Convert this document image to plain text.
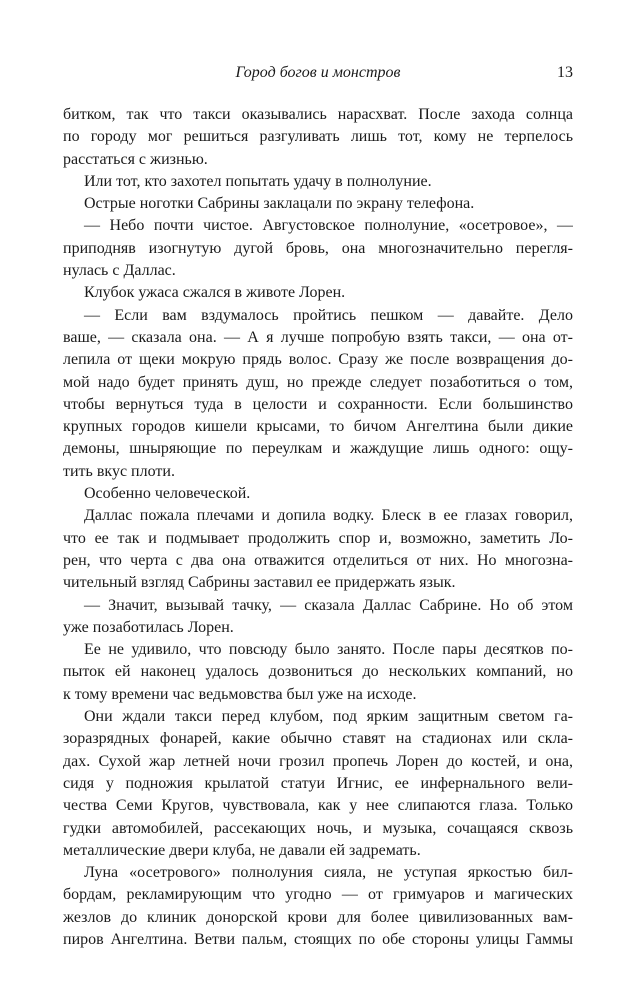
Город богов и монстров	13
битком, так что такси оказывались нарасхват. После захода солнца
по городу мог решиться разгуливать лишь тот, кому не терпелось
расстаться с жизнью.
Или тот, кто захотел попытать удачу в полнолуние.
Острые ноготки Сабрины заклацали по экрану телефона.
— Небо почти чистое. Августовское полнолуние, «осетровое», —
приподняв изогнутую дугой бровь, она многозначительно перегля-
нулась с Даллас.
Клубок ужаса сжался в животе Лорен.
— Если вам вздумалось пройтись пешком — давайте. Дело
ваше, — сказала она. — А я лучше попробую взять такси, — она от-
лепила от щеки мокрую прядь волос. Сразу же после возвращения до-
мой надо будет принять душ, но прежде следует позаботиться о том,
чтобы вернуться туда в целости и сохранности. Если большинство
крупных городов кишели крысами, то бичом Ангелтина были дикие
демоны, шныряющие по переулкам и жаждущие лишь одного: ощу-
тить вкус плоти.
Особенно человеческой.
Даллас пожала плечами и допила водку. Блеск в ее глазах говорил,
что ее так и подмывает продолжить спор и, возможно, заметить Ло-
рен, что черта с два она отважится отделиться от них. Но многозна-
чительный взгляд Сабрины заставил ее придержать язык.
— Значит, вызывай тачку, — сказала Даллас Сабрине. Но об этом
уже позаботилась Лорен.
Ее не удивило, что повсюду было занято. После пары десятков по-
пыток ей наконец удалось дозвониться до нескольких компаний, но
к тому времени час ведьмовства был уже на исходе.
Они ждали такси перед клубом, под ярким защитным светом га-
зоразрядных фонарей, какие обычно ставят на стадионах или скла-
дах. Сухой жар летней ночи грозил пропечь Лорен до костей, и она,
сидя у подножия крылатой статуи Игнис, ее инфернального вели-
чества Семи Кругов, чувствовала, как у нее слипаются глаза. Только
гудки автомобилей, рассекающих ночь, и музыка, сочащаяся сквозь
металлические двери клуба, не давали ей задремать.
Луна «осетрового» полнолуния сияла, не уступая яркостью бил-
бордам, рекламирующим что угодно — от гримуаров и магических
жезлов до клиник донорской крови для более цивилизованных вам-
пиров Ангелтина. Ветви пальм, стоящих по обе стороны улицы Гаммы
